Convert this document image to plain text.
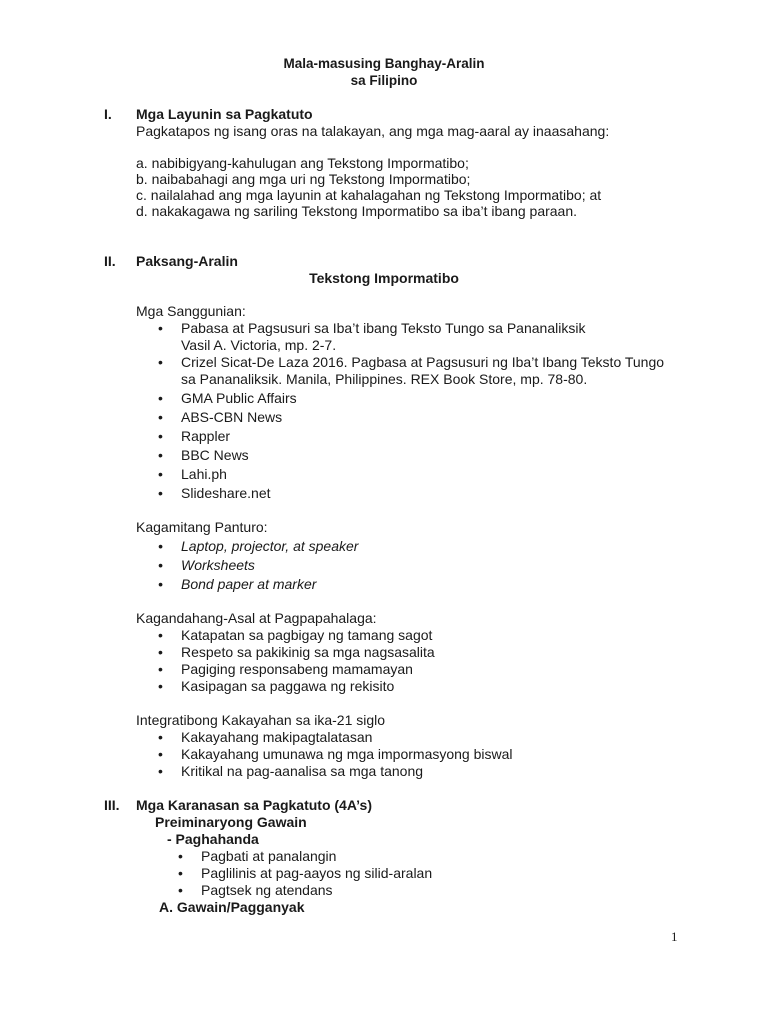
Mala-masusing Banghay-Aralin
sa Filipino
I. Mga Layunin sa Pagkatuto
Pagkatapos ng isang oras na talakayan, ang mga mag-aaral ay inaasahang:
a. nabibigyang-kahulugan ang Tekstong Impormatibo;
b. naibabahagi ang mga uri ng Tekstong Impormatibo;
c. nailalahad ang mga layunin at kahalagahan ng Tekstong Impormatibo; at
d. nakakagawa ng sariling Tekstong Impormatibo sa iba’t ibang paraan.
II. Paksang-Aralin
Tekstong Impormatibo
Mga Sanggunian:
• Pabasa at Pagsusuri sa Iba’t ibang Teksto Tungo sa Pananaliksik
Vasil A. Victoria, mp. 2-7.
• Crizel Sicat-De Laza 2016. Pagbasa at Pagsusuri ng Iba’t Ibang Teksto Tungo
sa Pananaliksik. Manila, Philippines. REX Book Store, mp. 78-80.
• GMA Public Affairs
• ABS-CBN News
• Rappler
• BBC News
• Lahi.ph
• Slideshare.net
Kagamitang Panturo:
• Laptop, projector, at speaker
• Worksheets
• Bond paper at marker
Kagandahang-Asal at Pagpapahalaga:
• Katapatan sa pagbigay ng tamang sagot
• Respeto sa pakikinig sa mga nagsasalita
• Pagiging responsabeng mamamayan
• Kasipagan sa paggawa ng rekisito
Integratibong Kakayahan sa ika-21 siglo
• Kakayahang makipagtalatasan
• Kakayahang umunawa ng mga impormasyong biswal
• Kritikal na pag-aanalisa sa mga tanong
III. Mga Karanasan sa Pagkatuto (4A’s)
Preiminaryong Gawain
- Paghahanda
• Pagbati at panalangin
• Paglilinis at pag-aayos ng silid-aralan
• Pagtsek ng atendans
A. Gawain/Pagganyak
1
